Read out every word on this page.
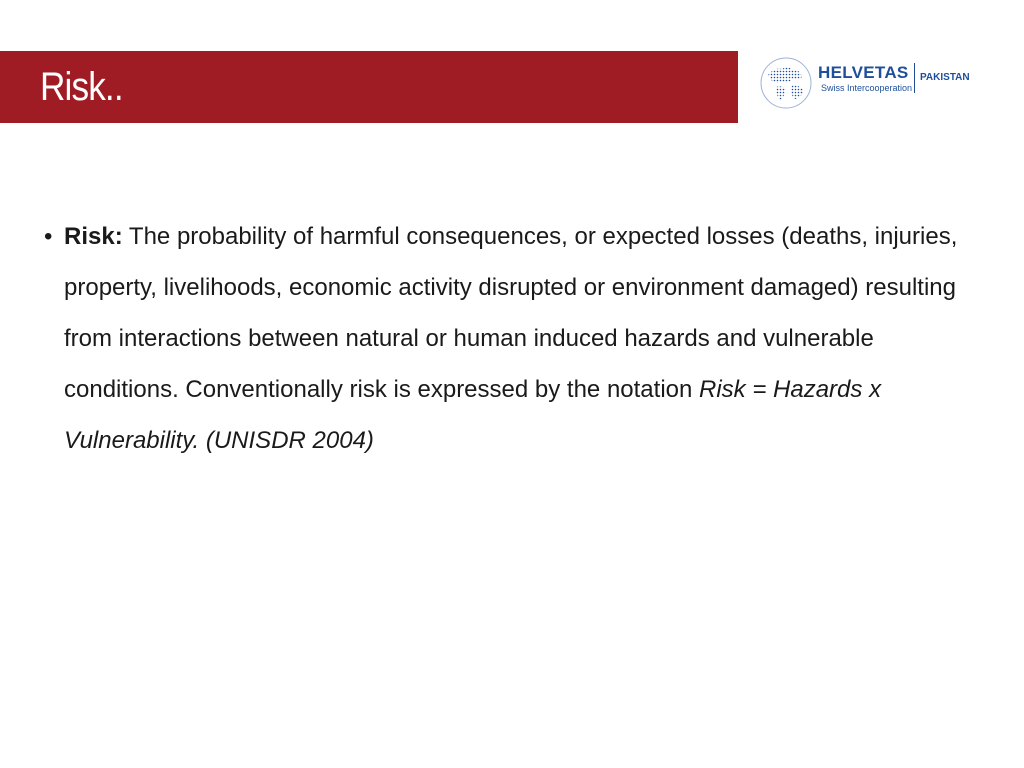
Risk..	HELVETAS
Swiss Intercooperation
PAKISTAN
• Risk: The probability of harmful consequences, or expected losses (deaths, injuries, property, livelihoods, economic activity disrupted or environment damaged) resulting from interactions between natural or human induced hazards and vulnerable conditions. Conventionally risk is expressed by the notation Risk = Hazards x Vulnerability. (UNISDR 2004)
